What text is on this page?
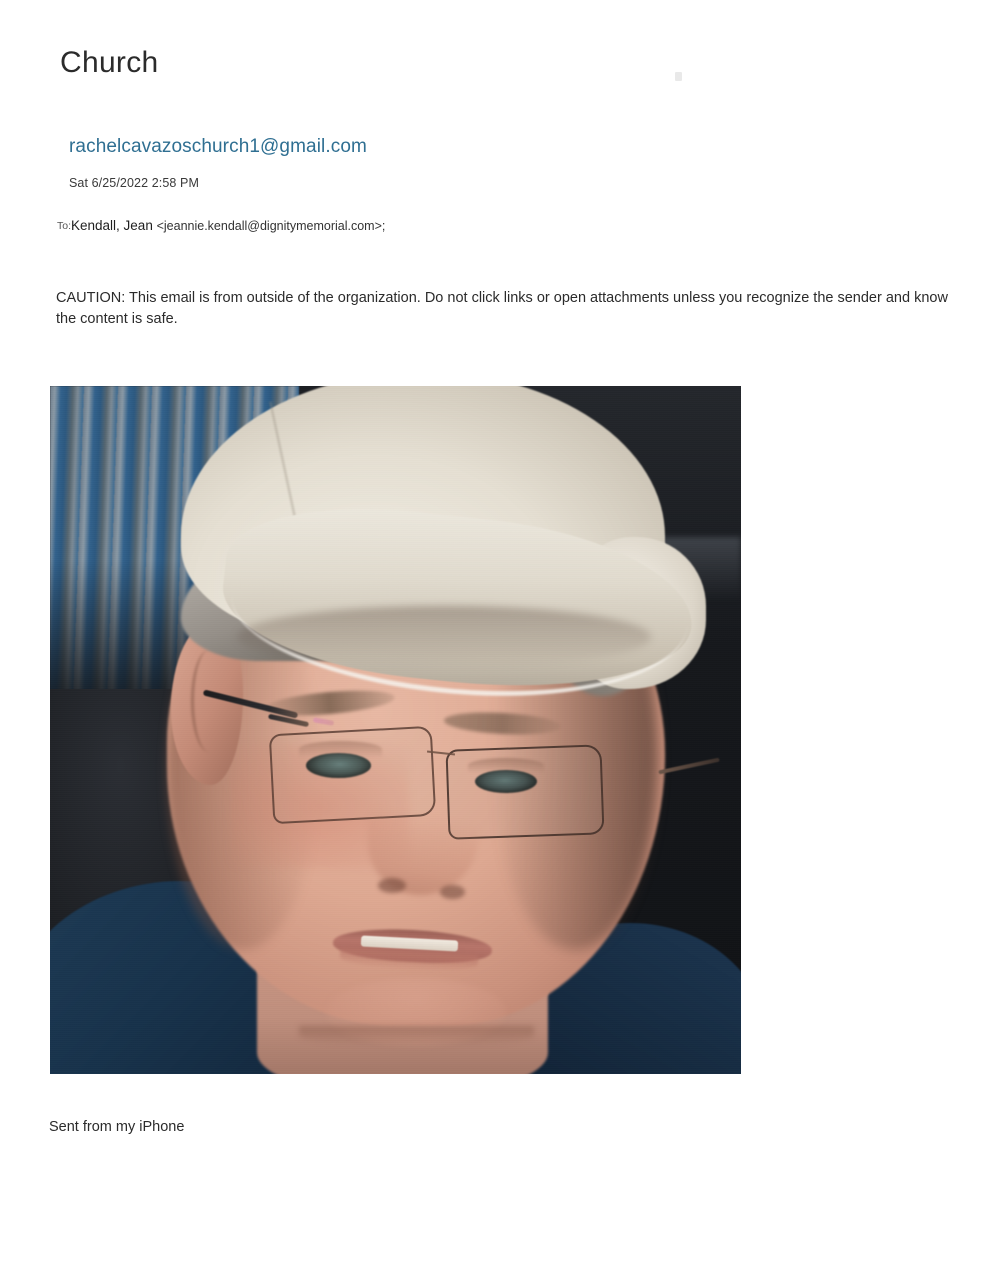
Church
rachelcavazoschurch1@gmail.com
Sat 6/25/2022 2:58 PM
To:Kendall, Jean <jeannie.kendall@dignitymemorial.com>;
CAUTION: This email is from outside of the organization. Do not click links or open attachments unless you recognize the sender and know the content is safe.
Sent from my iPhone
